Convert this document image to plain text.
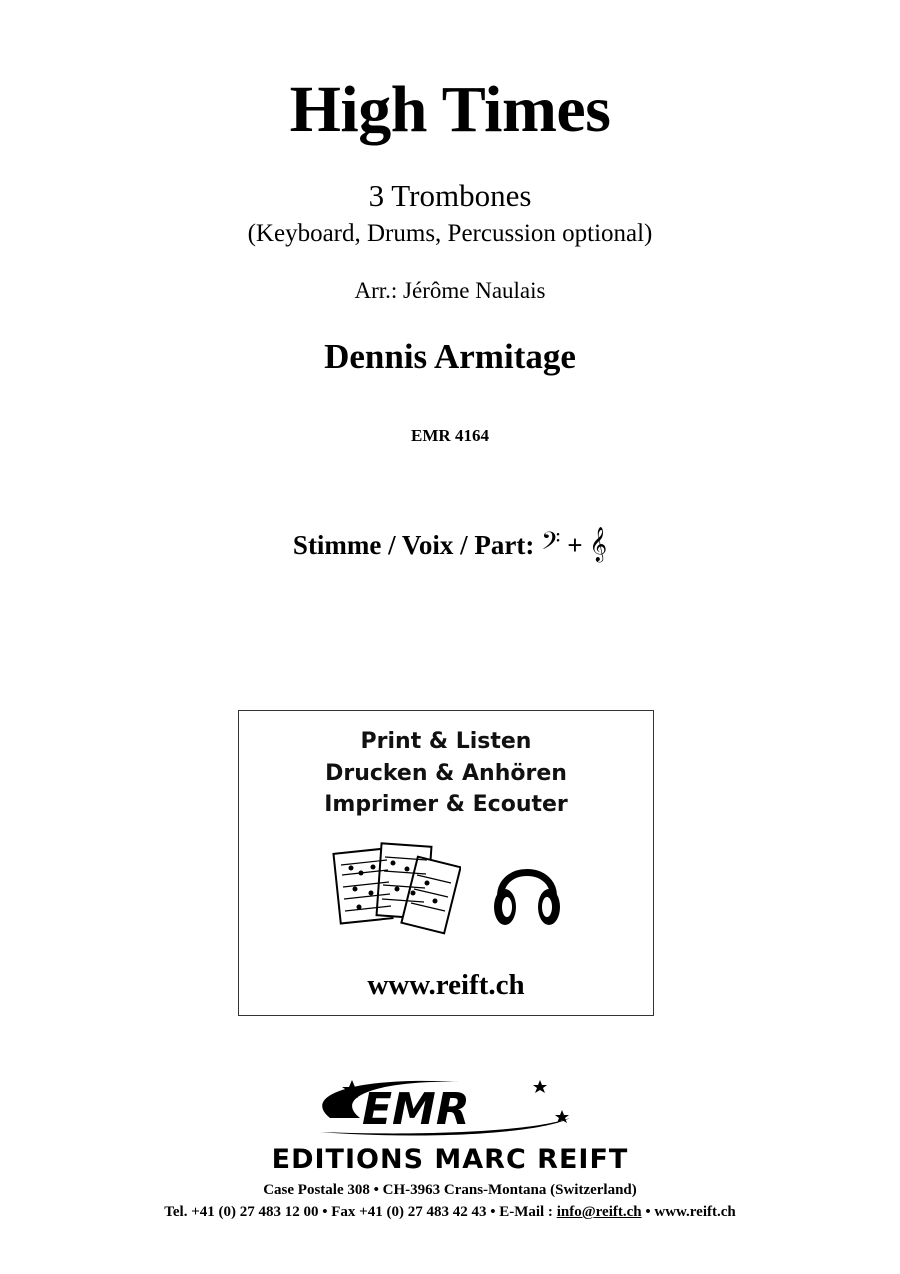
High Times
3 Trombones
(Keyboard, Drums, Percussion optional)
Arr.: Jérôme Naulais
Dennis Armitage
EMR 4164
Stimme / Voix / Part: 𝄢 + 𝄞
Print & Listen
Drucken & Anhören
Imprimer & Ecouter
www.reift.ch
EMR
EDITIONS MARC REIFT
Case Postale 308 • CH-3963 Crans-Montana (Switzerland)
Tel. +41 (0) 27 483 12 00 • Fax +41 (0) 27 483 42 43 • E-Mail : info@reift.ch • www.reift.ch
